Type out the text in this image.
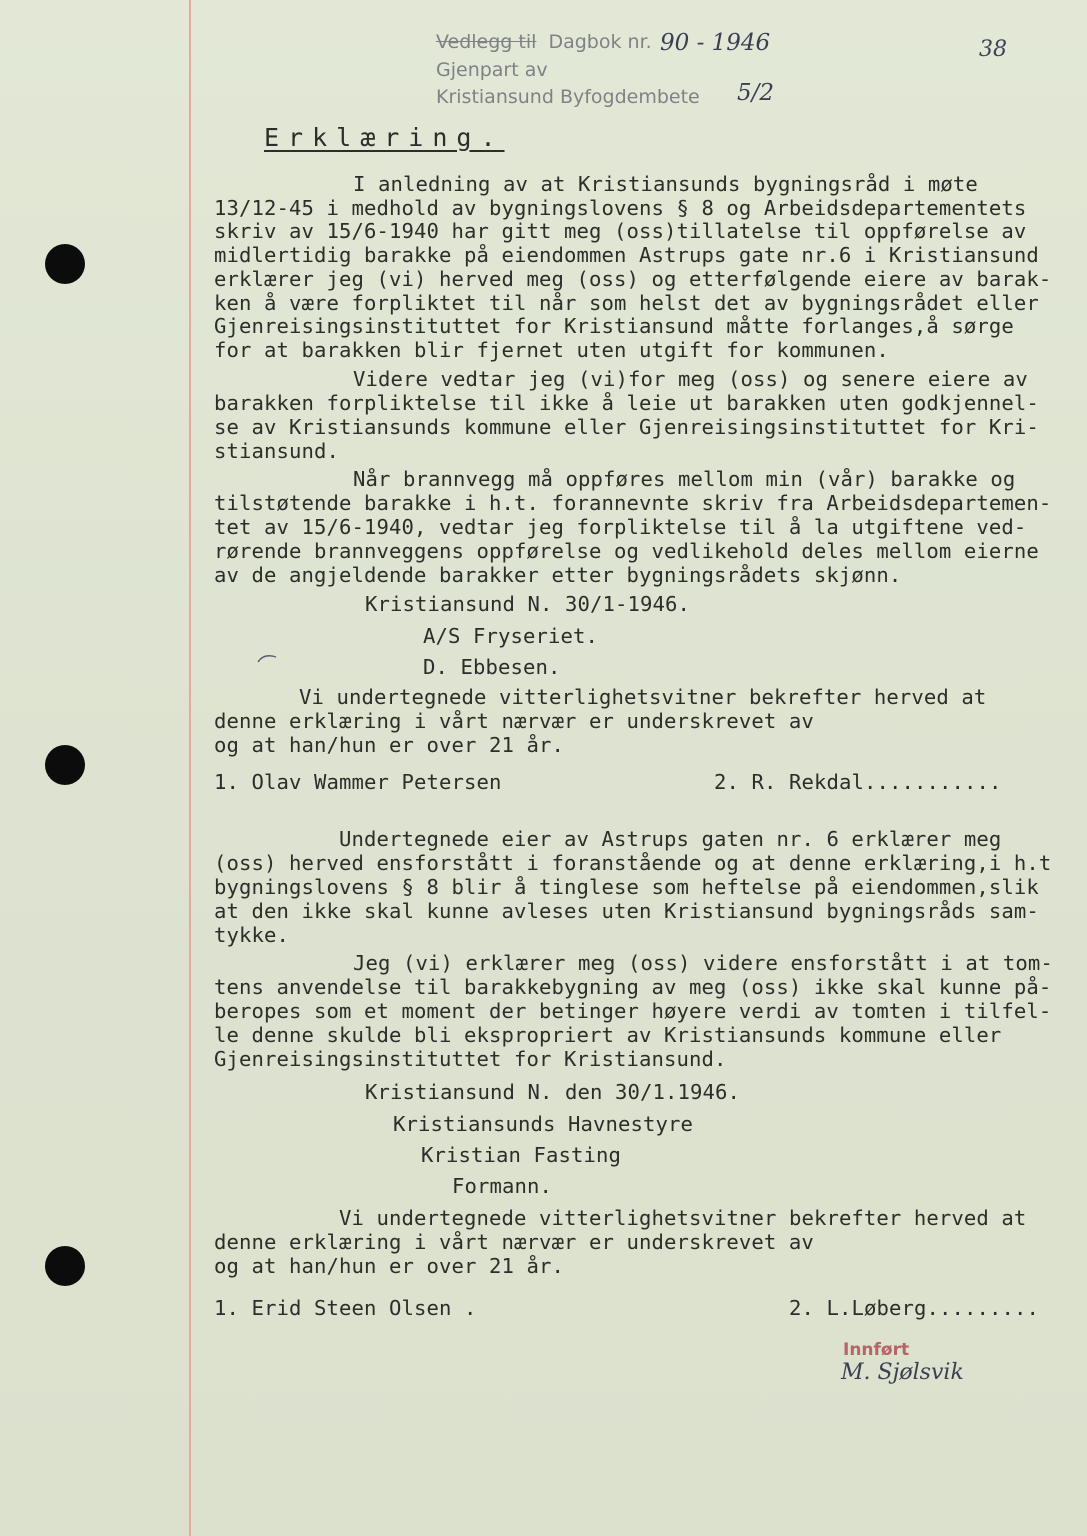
Vedlegg til Dagbok nr. 90 - 1946
Gjenpart av
Kristiansund Byfogdembete 5/2
38
Erklæring.
I anledning av at Kristiansunds bygningsråd i møte
13/12-45 i medhold av bygningslovens § 8 og Arbeidsdepartementets
skriv av 15/6-1940 har gitt meg (oss)tillatelse til oppførelse av
midlertidig barakke på eiendommen Astrups gate nr.6 i Kristiansund
erklærer jeg (vi) herved meg (oss) og etterfølgende eiere av barak-
ken å være forpliktet til når som helst det av bygningsrådet eller
Gjenreisingsinstituttet for Kristiansund måtte forlanges,å sørge
for at barakken blir fjernet uten utgift for kommunen.
Videre vedtar jeg (vi)for meg (oss) og senere eiere av
barakken forpliktelse til ikke å leie ut barakken uten godkjennel-
se av Kristiansunds kommune eller Gjenreisingsinstituttet for Kri-
stiansund.
Når brannvegg må oppføres mellom min (vår) barakke og
tilstøtende barakke i h.t. forannevnte skriv fra Arbeidsdepartemen-
tet av 15/6-1940, vedtar jeg forpliktelse til å la utgiftene ved-
rørende brannveggens oppførelse og vedlikehold deles mellom eierne
av de angjeldende barakker etter bygningsrådets skjønn.
Kristiansund N. 30/1-1946.
A/S Fryseriet.
D. Ebbesen.
Vi undertegnede vitterlighetsvitner bekrefter herved at
denne erklæring i vårt nærvær er underskrevet av
og at han/hun er over 21 år.
1. Olav Wammer Petersen	2. R. Rekdal...........
Undertegnede eier av Astrups gaten nr. 6 erklærer meg
(oss) herved ensforstått i foranstående og at denne erklæring,i h.t
bygningslovens § 8 blir å tinglese som heftelse på eiendommen,slik
at den ikke skal kunne avleses uten Kristiansund bygningsråds sam-
tykke.
Jeg (vi) erklærer meg (oss) videre ensforstått i at tom-
tens anvendelse til barakkebygning av meg (oss) ikke skal kunne på-
beropes som et moment der betinger høyere verdi av tomten i tilfel-
le denne skulde bli ekspropriert av Kristiansunds kommune eller
Gjenreisingsinstituttet for Kristiansund.
Kristiansund N. den 30/1.1946.
Kristiansunds Havnestyre
Kristian Fasting
Formann.
Vi undertegnede vitterlighetsvitner bekrefter herved at
denne erklæring i vårt nærvær er underskrevet av
og at han/hun er over 21 år.
1. Erid Steen Olsen .	2. L.Løberg.........
Innført
M. Sjølsvik
